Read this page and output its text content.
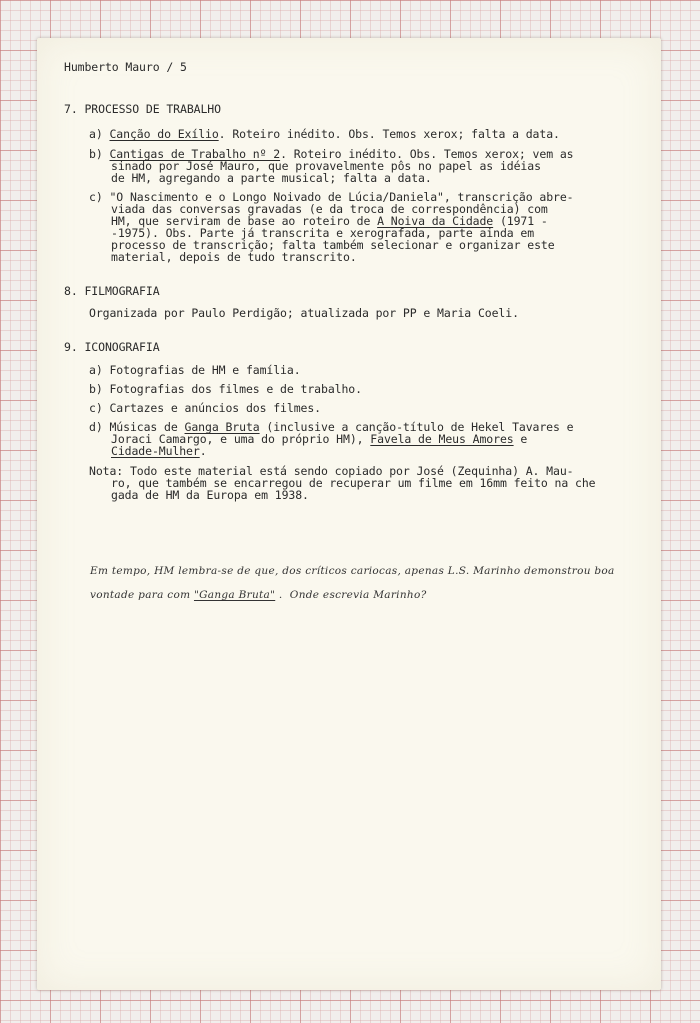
Humberto Mauro / 5
7. PROCESSO DE TRABALHO
a) Canção do Exílio. Roteiro inédito. Obs. Temos xerox; falta a data.
b) Cantigas de Trabalho nº 2. Roteiro inédito. Obs. Temos xerox; vem as
sinado por José Mauro, que provavelmente pôs no papel as idéias
de HM, agregando a parte musical; falta a data.
c) "O Nascimento e o Longo Noivado de Lúcia/Daniela", transcrição abre-
viada das conversas gravadas (e da troca de correspondência) com
HM, que serviram de base ao roteiro de A Noiva da Cidade (1971 -
-1975). Obs. Parte já transcrita e xerografada, parte ainda em
processo de transcrição; falta também selecionar e organizar este
material, depois de tudo transcrito.
8. FILMOGRAFIA
Organizada por Paulo Perdigão; atualizada por PP e Maria Coeli.
9. ICONOGRAFIA
a) Fotografias de HM e família.
b) Fotografias dos filmes e de trabalho.
c) Cartazes e anúncios dos filmes.
d) Músicas de Ganga Bruta (inclusive a canção-título de Hekel Tavares e
Joraci Camargo, e uma do próprio HM), Favela de Meus Amores e
Cidade-Mulher.
Nota: Todo este material está sendo copiado por José (Zequinha) A. Mau-
ro, que também se encarregou de recuperar um filme em 16mm feito na che
gada de HM da Europa em 1938.
Em tempo, HM lembra-se de que, dos críticos cariocas, apenas L.S. Marinho demonstrou boa
vontade para com "Ganga Bruta" .  Onde escrevia Marinho?
